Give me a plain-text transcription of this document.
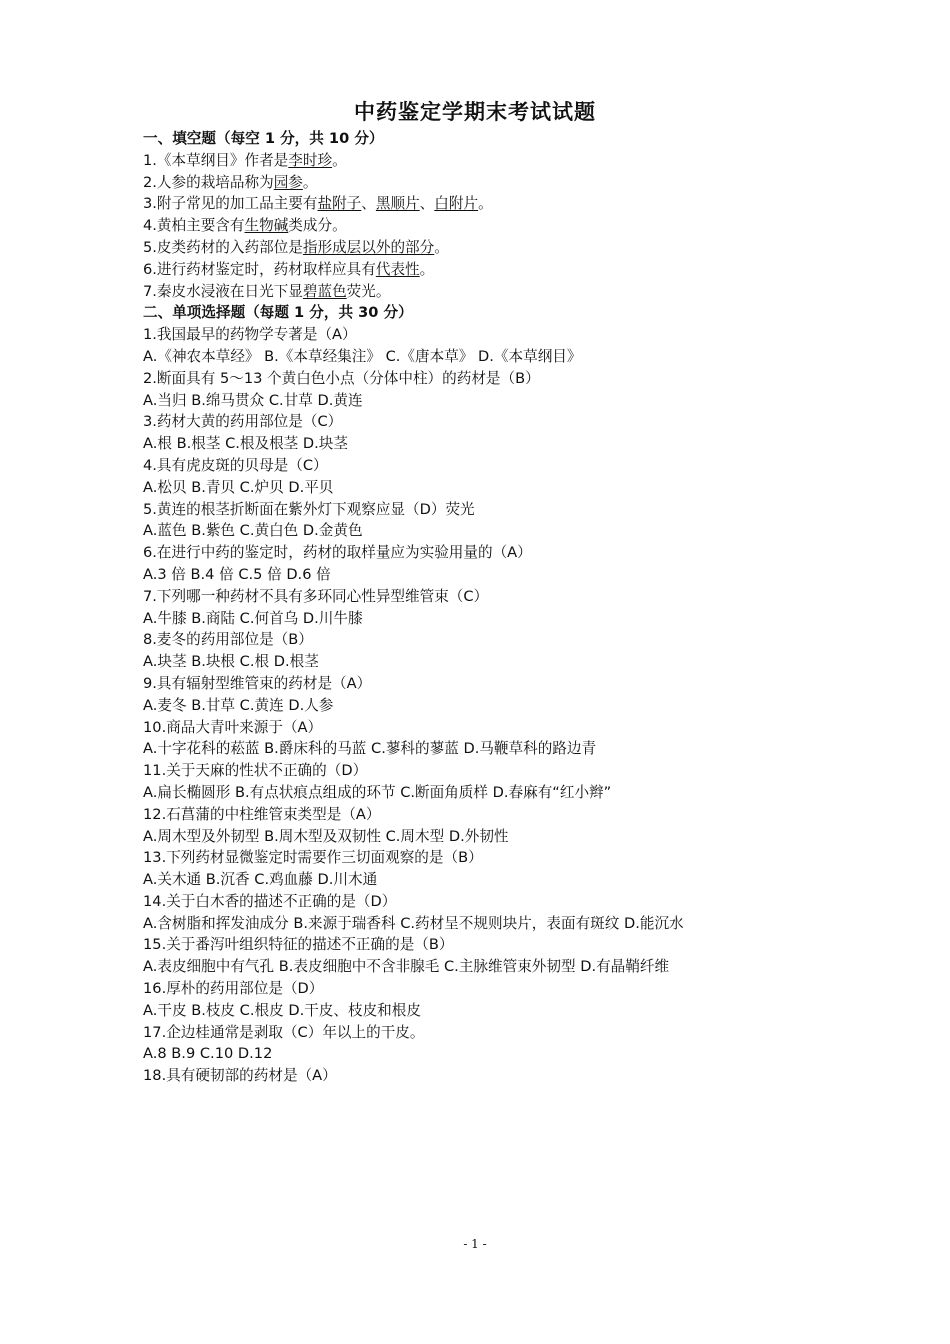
中药鉴定学期末考试试题
一、填空题（每空 1 分，共 10 分）
1.《本草纲目》作者是李时珍。
2.人参的栽培品称为园参。
3.附子常见的加工品主要有盐附子、黑顺片、白附片。
4.黄柏主要含有生物碱类成分。
5.皮类药材的入药部位是指形成层以外的部分。
6.进行药材鉴定时，药材取样应具有代表性。
7.秦皮水浸液在日光下显碧蓝色荧光。
二、单项选择题（每题 1 分，共 30 分）
1.我国最早的药物学专著是（A）
A.《神农本草经》 B.《本草经集注》 C.《唐本草》 D.《本草纲目》
2.断面具有 5～13 个黄白色小点（分体中柱）的药材是（B）
A.当归 B.绵马贯众 C.甘草 D.黄连
3.药材大黄的药用部位是（C）
A.根 B.根茎 C.根及根茎 D.块茎
4.具有虎皮斑的贝母是（C）
A.松贝 B.青贝 C.炉贝 D.平贝
5.黄连的根茎折断面在紫外灯下观察应显（D）荧光
A.蓝色 B.紫色 C.黄白色 D.金黄色
6.在进行中药的鉴定时，药材的取样量应为实验用量的（A）
A.3 倍 B.4 倍 C.5 倍 D.6 倍
7.下列哪一种药材不具有多环同心性异型维管束（C）
A.牛膝 B.商陆 C.何首乌 D.川牛膝
8.麦冬的药用部位是（B）
A.块茎 B.块根 C.根 D.根茎
9.具有辐射型维管束的药材是（A）
A.麦冬 B.甘草 C.黄连 D.人参
10.商品大青叶来源于（A）
A.十字花科的菘蓝 B.爵床科的马蓝 C.蓼科的蓼蓝 D.马鞭草科的路边青
11.关于天麻的性状不正确的（D）
A.扁长椭圆形 B.有点状痕点组成的环节 C.断面角质样 D.春麻有“红小辫”
12.石菖蒲的中柱维管束类型是（A）
A.周木型及外韧型 B.周木型及双韧性 C.周木型 D.外韧性
13.下列药材显微鉴定时需要作三切面观察的是（B）
A.关木通 B.沉香 C.鸡血藤 D.川木通
14.关于白木香的描述不正确的是（D）
A.含树脂和挥发油成分 B.来源于瑞香科 C.药材呈不规则块片，表面有斑纹 D.能沉水
15.关于番泻叶组织特征的描述不正确的是（B）
A.表皮细胞中有气孔 B.表皮细胞中不含非腺毛 C.主脉维管束外韧型 D.有晶鞘纤维
16.厚朴的药用部位是（D）
A.干皮 B.枝皮 C.根皮 D.干皮、枝皮和根皮
17.企边桂通常是剥取（C）年以上的干皮。
A.8 B.9 C.10 D.12
18.具有硬韧部的药材是（A）
- 1 -
